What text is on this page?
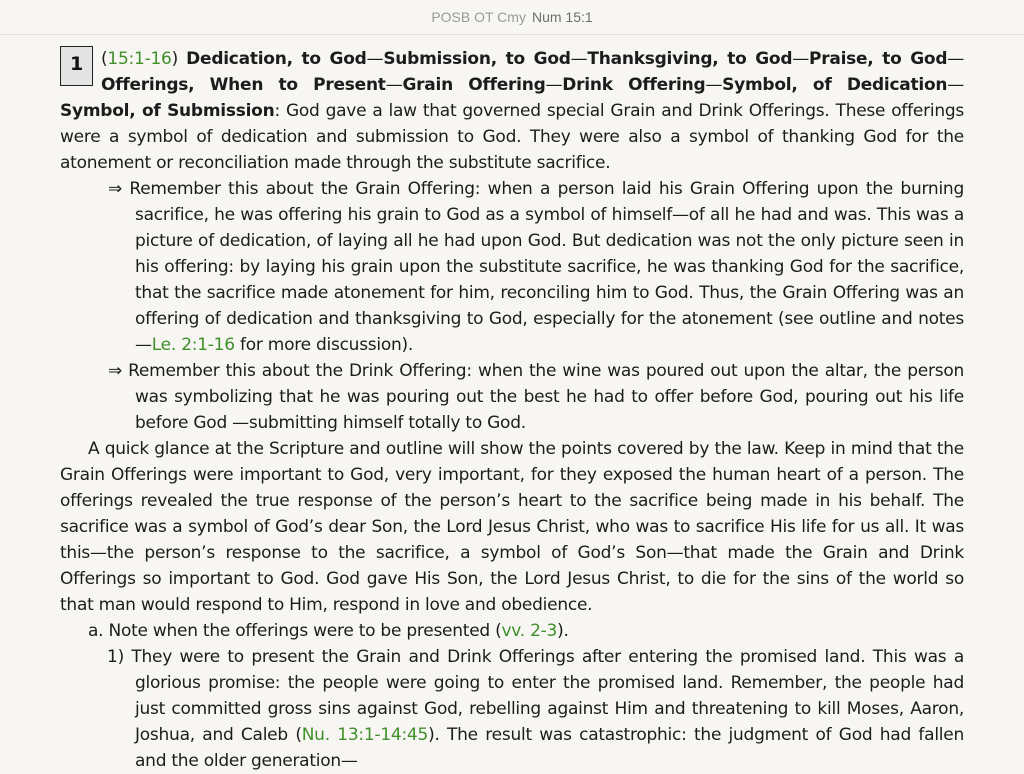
POSB OT Cmy Num 15:1

1	(15:1-16) Dedication, to God—Submission, to God—Thanksgiving, to God—Praise, to God—Offerings, When to Present—Grain Offering—Drink Offering—Symbol, of Dedication—Symbol, of Submission: God gave a law that governed special Grain and Drink Offerings. These offerings were a symbol of dedication and submission to God. They were also a symbol of thanking God for the atonement or reconciliation made through the substitute sacrifice.

⇒ Remember this about the Grain Offering: when a person laid his Grain Offering upon the burning sacrifice, he was offering his grain to God as a symbol of himself—of all he had and was. This was a picture of dedication, of laying all he had upon God. But dedication was not the only picture seen in his offering: by laying his grain upon the substitute sacrifice, he was thanking God for the sacrifice, that the sacrifice made atonement for him, reconciling him to God. Thus, the Grain Offering was an offering of dedication and thanksgiving to God, especially for the atonement (see outline and notes—Le. 2:1-16 for more discussion).

⇒ Remember this about the Drink Offering: when the wine was poured out upon the altar, the person was symbolizing that he was pouring out the best he had to offer before God, pouring out his life before God —submitting himself totally to God.

A quick glance at the Scripture and outline will show the points covered by the law. Keep in mind that the Grain Offerings were important to God, very important, for they exposed the human heart of a person. The offerings revealed the true response of the person’s heart to the sacrifice being made in his behalf. The sacrifice was a symbol of God’s dear Son, the Lord Jesus Christ, who was to sacrifice His life for us all. It was this—the person’s response to the sacrifice, a symbol of God’s Son—that made the Grain and Drink Offerings so important to God. God gave His Son, the Lord Jesus Christ, to die for the sins of the world so that man would respond to Him, respond in love and obedience.

a. Note when the offerings were to be presented (vv. 2-3).

1) They were to present the Grain and Drink Offerings after entering the promised land. This was a glorious promise: the people were going to enter the promised land. Remember, the people had just committed gross sins against God, rebelling against Him and threatening to kill Moses, Aaron, Joshua, and Caleb (Nu. 13:1-14:45). The result was catastrophic: the judgment of God had fallen and the older generation—
